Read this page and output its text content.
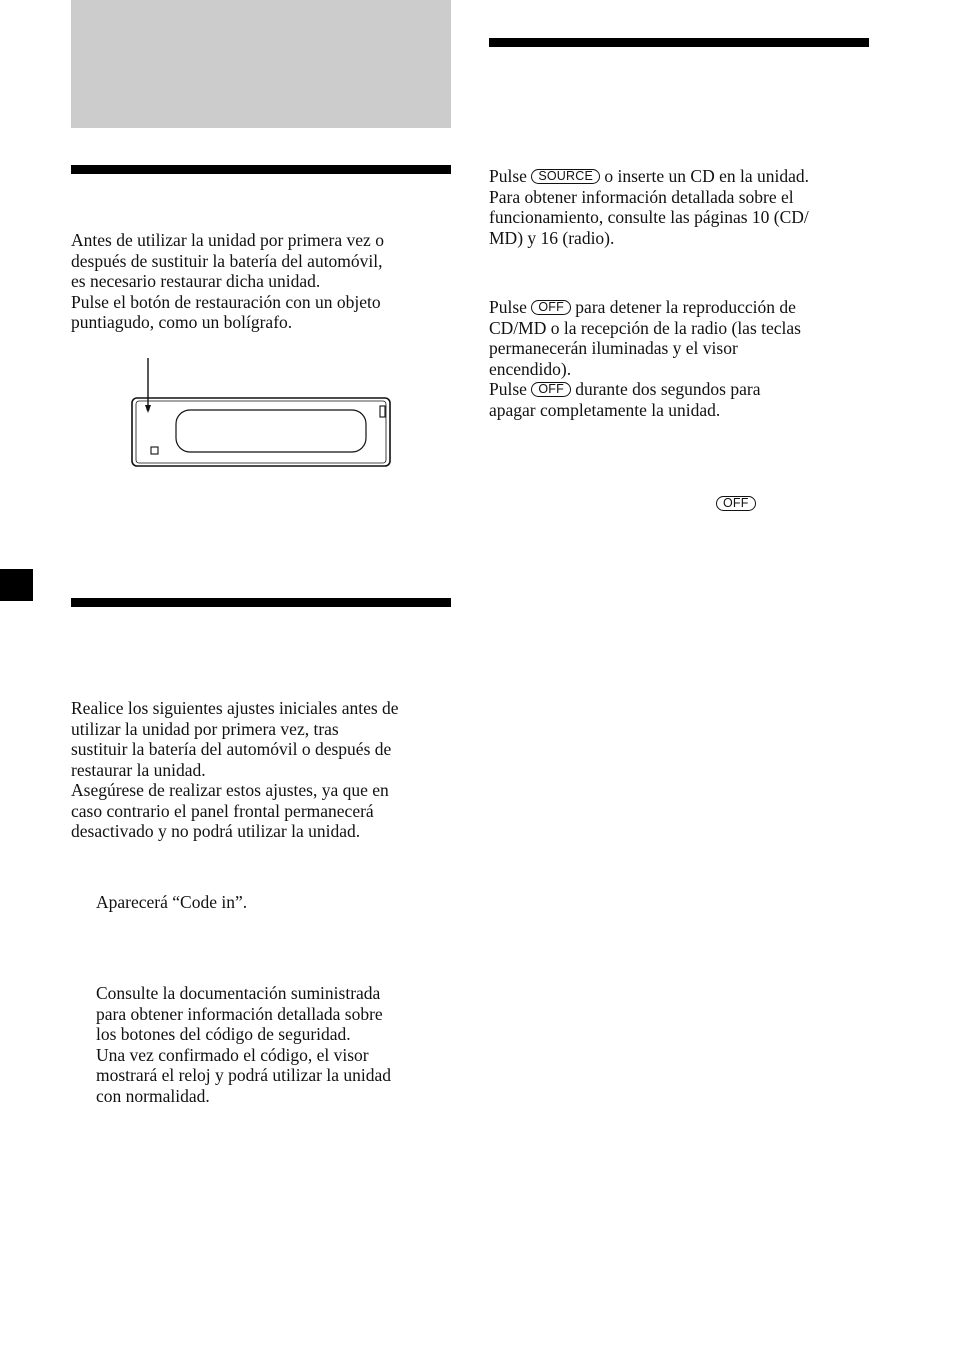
Antes de utilizar la unidad por primera vez o
después de sustituir la batería del automóvil,
es necesario restaurar dicha unidad.
Pulse el botón de restauración con un objeto
puntiagudo, como un bolígrafo.
Realice los siguientes ajustes iniciales antes de
utilizar la unidad por primera vez, tras
sustituir la batería del automóvil o después de
restaurar la unidad.
Asegúrese de realizar estos ajustes, ya que en
caso contrario el panel frontal permanecerá
desactivado y no podrá utilizar la unidad.
Aparecerá “Code in”.
Consulte la documentación suministrada
para obtener información detallada sobre
los botones del código de seguridad.
Una vez confirmado el código, el visor
mostrará el reloj y podrá utilizar la unidad
con normalidad.
Pulse SOURCE o inserte un CD en la unidad.
Para obtener información detallada sobre el
funcionamiento, consulte las páginas 10 (CD/
MD) y 16 (radio).
Pulse OFF para detener la reproducción de
CD/MD o la recepción de la radio (las teclas
permanecerán iluminadas y el visor
encendido).
Pulse OFF durante dos segundos para
apagar completamente la unidad.
OFF
